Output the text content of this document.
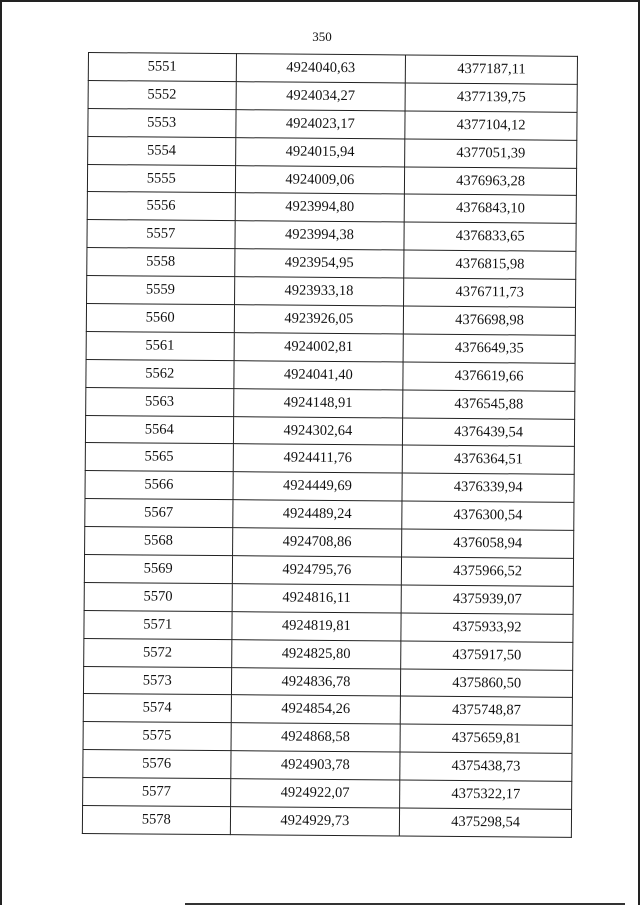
350
5551	4924040,63	4377187,11
5552	4924034,27	4377139,75
5553	4924023,17	4377104,12
5554	4924015,94	4377051,39
5555	4924009,06	4376963,28
5556	4923994,80	4376843,10
5557	4923994,38	4376833,65
5558	4923954,95	4376815,98
5559	4923933,18	4376711,73
5560	4923926,05	4376698,98
5561	4924002,81	4376649,35
5562	4924041,40	4376619,66
5563	4924148,91	4376545,88
5564	4924302,64	4376439,54
5565	4924411,76	4376364,51
5566	4924449,69	4376339,94
5567	4924489,24	4376300,54
5568	4924708,86	4376058,94
5569	4924795,76	4375966,52
5570	4924816,11	4375939,07
5571	4924819,81	4375933,92
5572	4924825,80	4375917,50
5573	4924836,78	4375860,50
5574	4924854,26	4375748,87
5575	4924868,58	4375659,81
5576	4924903,78	4375438,73
5577	4924922,07	4375322,17
5578	4924929,73	4375298,54
